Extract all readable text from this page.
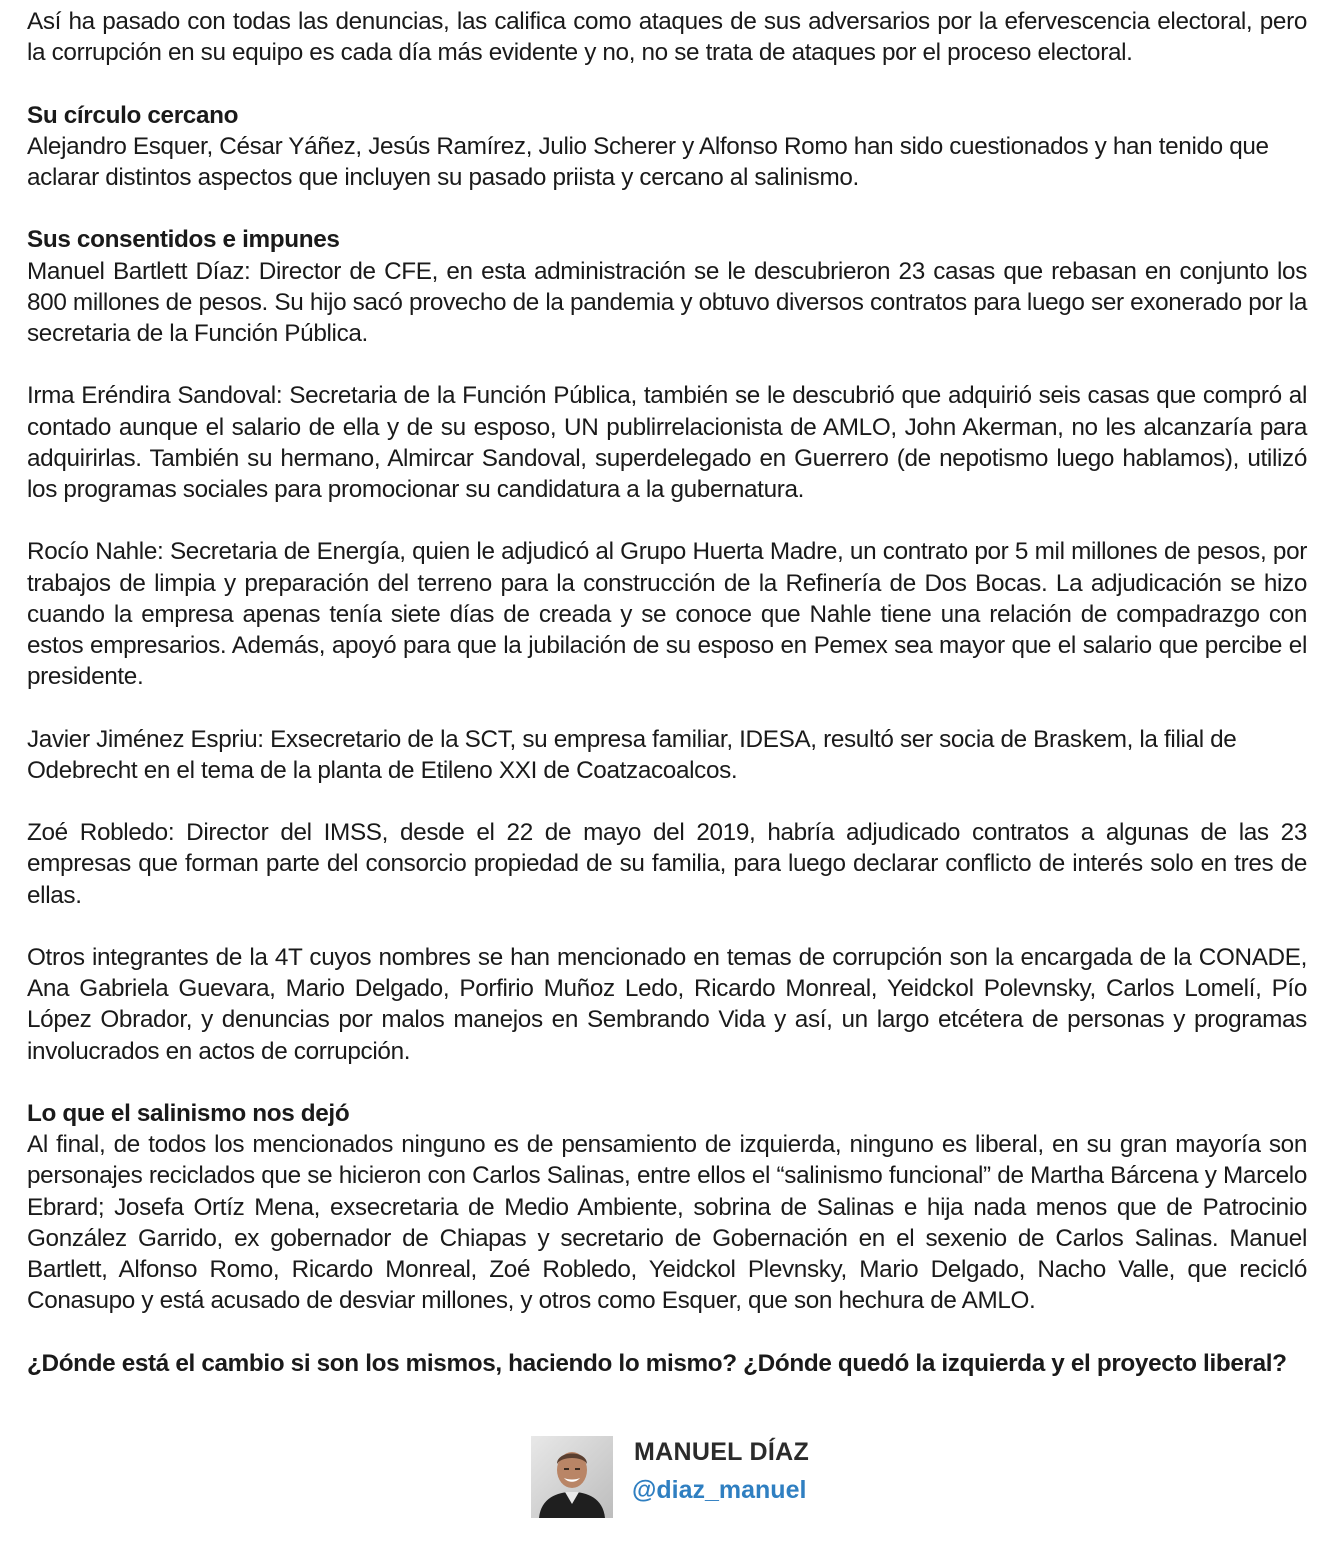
Así ha pasado con todas las denuncias, las califica como ataques de sus adversarios por la efervescencia electoral, pero la corrupción en su equipo es cada día más evidente y no, no se trata de ataques por el proceso electoral.

Su círculo cercano
Alejandro Esquer, César Yáñez, Jesús Ramírez, Julio Scherer y Alfonso Romo han sido cuestionados y han tenido que aclarar distintos aspectos que incluyen su pasado priista y cercano al salinismo.

Sus consentidos e impunes
Manuel Bartlett Díaz: Director de CFE, en esta administración se le descubrieron 23 casas que rebasan en conjunto los 800 millones de pesos. Su hijo sacó provecho de la pandemia y obtuvo diversos contratos para luego ser exonerado por la secretaria de la Función Pública.

Irma Eréndira Sandoval: Secretaria de la Función Pública, también se le descubrió que adquirió seis casas que compró al contado aunque el salario de ella y de su esposo, UN publirrelacionista de AMLO, John Akerman, no les alcanzaría para adquirirlas. También su hermano, Almircar Sandoval, superdelegado en Guerrero (de nepotismo luego hablamos), utilizó los programas sociales para promocionar su candidatura a la gubernatura.

Rocío Nahle: Secretaria de Energía, quien le adjudicó al Grupo Huerta Madre, un contrato por 5 mil millones de pesos, por trabajos de limpia y preparación del terreno para la construcción de la Refinería de Dos Bocas. La adjudicación se hizo cuando la empresa apenas tenía siete días de creada y se conoce que Nahle tiene una relación de compadrazgo con estos empresarios. Además, apoyó para que la jubilación de su esposo en Pemex sea mayor que el salario que percibe el presidente.

Javier Jiménez Espriu: Exsecretario de la SCT, su empresa familiar, IDESA, resultó ser socia de Braskem, la filial de Odebrecht en el tema de la planta de Etileno XXI de Coatzacoalcos.

Zoé Robledo: Director del IMSS, desde el 22 de mayo del 2019, habría adjudicado contratos a algunas de las 23 empresas que forman parte del consorcio propiedad de su familia, para luego declarar conflicto de interés solo en tres de ellas.

Otros integrantes de la 4T cuyos nombres se han mencionado en temas de corrupción son la encargada de la CONADE, Ana Gabriela Guevara, Mario Delgado, Porfirio Muñoz Ledo, Ricardo Monreal, Yeidckol Polevnsky, Carlos Lomelí, Pío López Obrador, y denuncias por malos manejos en Sembrando Vida y así, un largo etcétera de personas y programas involucrados en actos de corrupción.

Lo que el salinismo nos dejó
Al final, de todos los mencionados ninguno es de pensamiento de izquierda, ninguno es liberal, en su gran mayoría son personajes reciclados que se hicieron con Carlos Salinas, entre ellos el “salinismo funcional” de Martha Bárcena y Marcelo Ebrard; Josefa Ortíz Mena, exsecretaria de Medio Ambiente, sobrina de Salinas e hija nada menos que de Patrocinio González Garrido, ex gobernador de Chiapas y secretario de Gobernación en el sexenio de Carlos Salinas. Manuel Bartlett, Alfonso Romo, Ricardo Monreal, Zoé Robledo, Yeidckol Plevnsky, Mario Delgado, Nacho Valle, que recicló Conasupo y está acusado de desviar millones, y otros como Esquer, que son hechura de AMLO.

¿Dónde está el cambio si son los mismos, haciendo lo mismo? ¿Dónde quedó la izquierda y el proyecto liberal?

MANUEL DÍAZ
@diaz_manuel
